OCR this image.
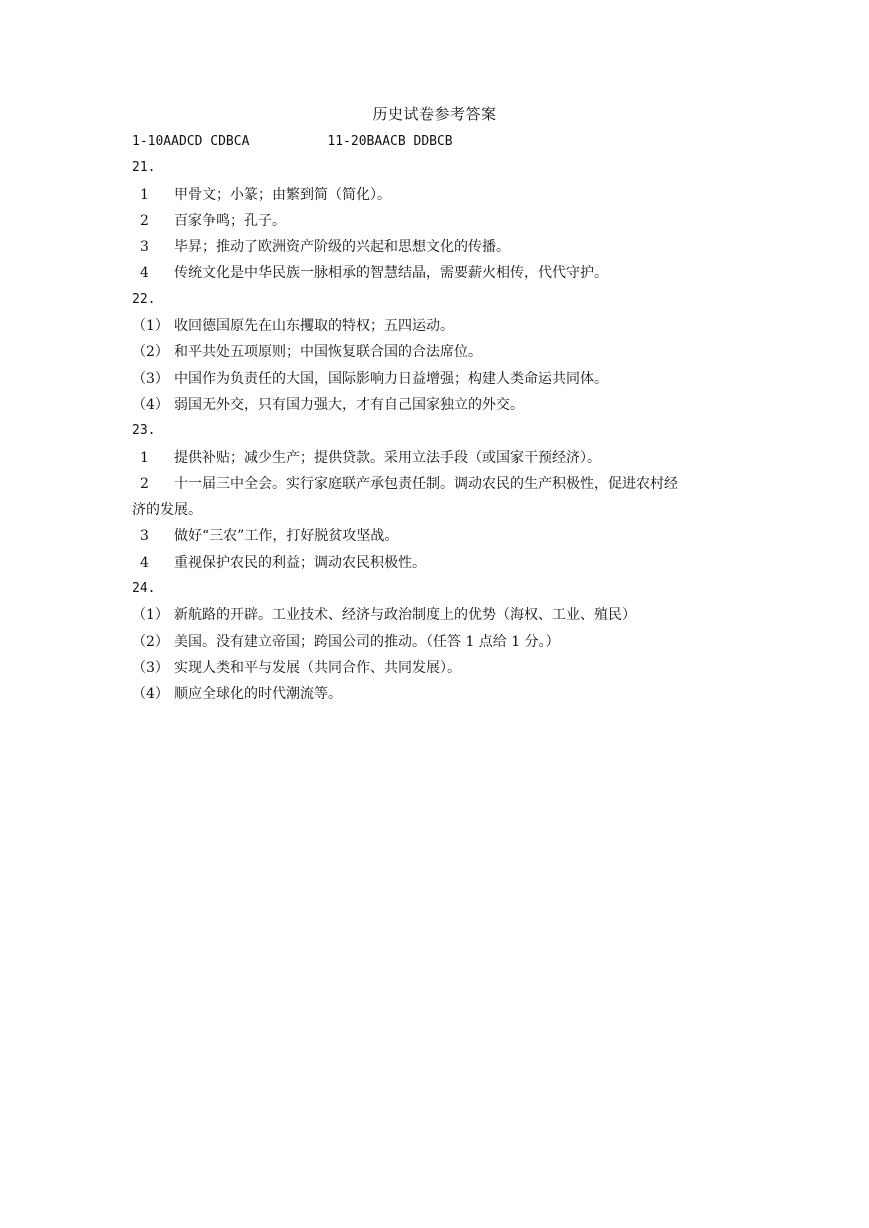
历史试卷参考答案
1-10AADCD CDBCA	11-20BAACB DDBCB
21.
1	甲骨文；小篆；由繁到简（简化）。
2	百家争鸣；孔子。
3	毕昇；推动了欧洲资产阶级的兴起和思想文化的传播。
4	传统文化是中华民族一脉相承的智慧结晶，需要薪火相传，代代守护。
22.
（1） 收回德国原先在山东攫取的特权；五四运动。
（2） 和平共处五项原则；中国恢复联合国的合法席位。
（3） 中国作为负责任的大国，国际影响力日益增强；构建人类命运共同体。
（4） 弱国无外交，只有国力强大，才有自己国家独立的外交。
23.
1	提供补贴；减少生产；提供贷款。采用立法手段（或国家干预经济）。
2	十一届三中全会。实行家庭联产承包责任制。调动农民的生产积极性，促进农村经
济的发展。
3	做好“三农”工作，打好脱贫攻坚战。
4	重视保护农民的利益；调动农民积极性。
24.
（1） 新航路的开辟。工业技术、经济与政治制度上的优势（海权、工业、殖民）
（2） 美国。没有建立帝国；跨国公司的推动。（任答 1 点给 1 分。）
（3） 实现人类和平与发展（共同合作、共同发展）。
（4） 顺应全球化的时代潮流等。
